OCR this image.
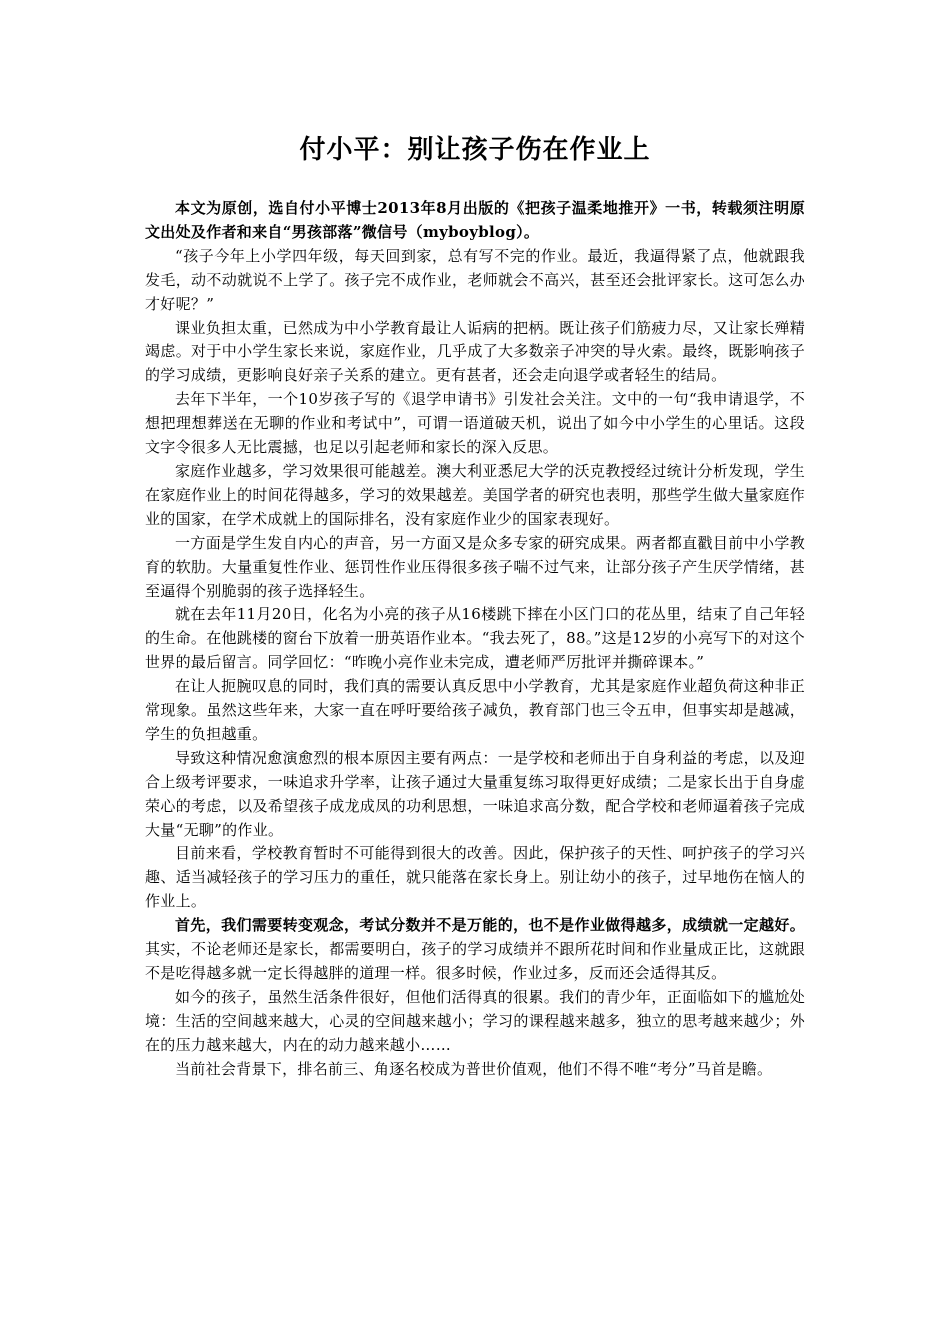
付小平：别让孩子伤在作业上

本文为原创，选自付小平博士2013年8月出版的《把孩子温柔地推开》一书，转载须注明原文出处及作者和来自“男孩部落”微信号（myboyblog）。

“孩子今年上小学四年级，每天回到家，总有写不完的作业。最近，我逼得紧了点，他就跟我发毛，动不动就说不上学了。孩子完不成作业，老师就会不高兴，甚至还会批评家长。这可怎么办才好呢？”

课业负担太重，已然成为中小学教育最让人诟病的把柄。既让孩子们筋疲力尽，又让家长殚精竭虑。对于中小学生家长来说，家庭作业，几乎成了大多数亲子冲突的导火索。最终，既影响孩子的学习成绩，更影响良好亲子关系的建立。更有甚者，还会走向退学或者轻生的结局。

去年下半年，一个10岁孩子写的《退学申请书》引发社会关注。文中的一句“我申请退学，不想把理想葬送在无聊的作业和考试中”，可谓一语道破天机，说出了如今中小学生的心里话。这段文字令很多人无比震撼，也足以引起老师和家长的深入反思。

家庭作业越多，学习效果很可能越差。澳大利亚悉尼大学的沃克教授经过统计分析发现，学生在家庭作业上的时间花得越多，学习的效果越差。美国学者的研究也表明，那些学生做大量家庭作业的国家，在学术成就上的国际排名，没有家庭作业少的国家表现好。

一方面是学生发自内心的声音，另一方面又是众多专家的研究成果。两者都直戳目前中小学教育的软肋。大量重复性作业、惩罚性作业压得很多孩子喘不过气来，让部分孩子产生厌学情绪，甚至逼得个别脆弱的孩子选择轻生。

就在去年11月20日，化名为小亮的孩子从16楼跳下摔在小区门口的花丛里，结束了自己年轻的生命。在他跳楼的窗台下放着一册英语作业本。“我去死了，88。”这是12岁的小亮写下的对这个世界的最后留言。同学回忆：“昨晚小亮作业未完成，遭老师严厉批评并撕碎课本。”

在让人扼腕叹息的同时，我们真的需要认真反思中小学教育，尤其是家庭作业超负荷这种非正常现象。虽然这些年来，大家一直在呼吁要给孩子减负，教育部门也三令五申，但事实却是越减，学生的负担越重。

导致这种情况愈演愈烈的根本原因主要有两点：一是学校和老师出于自身利益的考虑，以及迎合上级考评要求，一味追求升学率，让孩子通过大量重复练习取得更好成绩；二是家长出于自身虚荣心的考虑，以及希望孩子成龙成凤的功利思想，一味追求高分数，配合学校和老师逼着孩子完成大量“无聊”的作业。

目前来看，学校教育暂时不可能得到很大的改善。因此，保护孩子的天性、呵护孩子的学习兴趣、适当减轻孩子的学习压力的重任，就只能落在家长身上。别让幼小的孩子，过早地伤在恼人的作业上。

首先，我们需要转变观念，考试分数并不是万能的，也不是作业做得越多，成绩就一定越好。其实，不论老师还是家长，都需要明白，孩子的学习成绩并不跟所花时间和作业量成正比，这就跟不是吃得越多就一定长得越胖的道理一样。很多时候，作业过多，反而还会适得其反。

如今的孩子，虽然生活条件很好，但他们活得真的很累。我们的青少年，正面临如下的尴尬处境：生活的空间越来越大，心灵的空间越来越小；学习的课程越来越多，独立的思考越来越少；外在的压力越来越大，内在的动力越来越小……

当前社会背景下，排名前三、角逐名校成为普世价值观，他们不得不唯“考分”马首是瞻。
